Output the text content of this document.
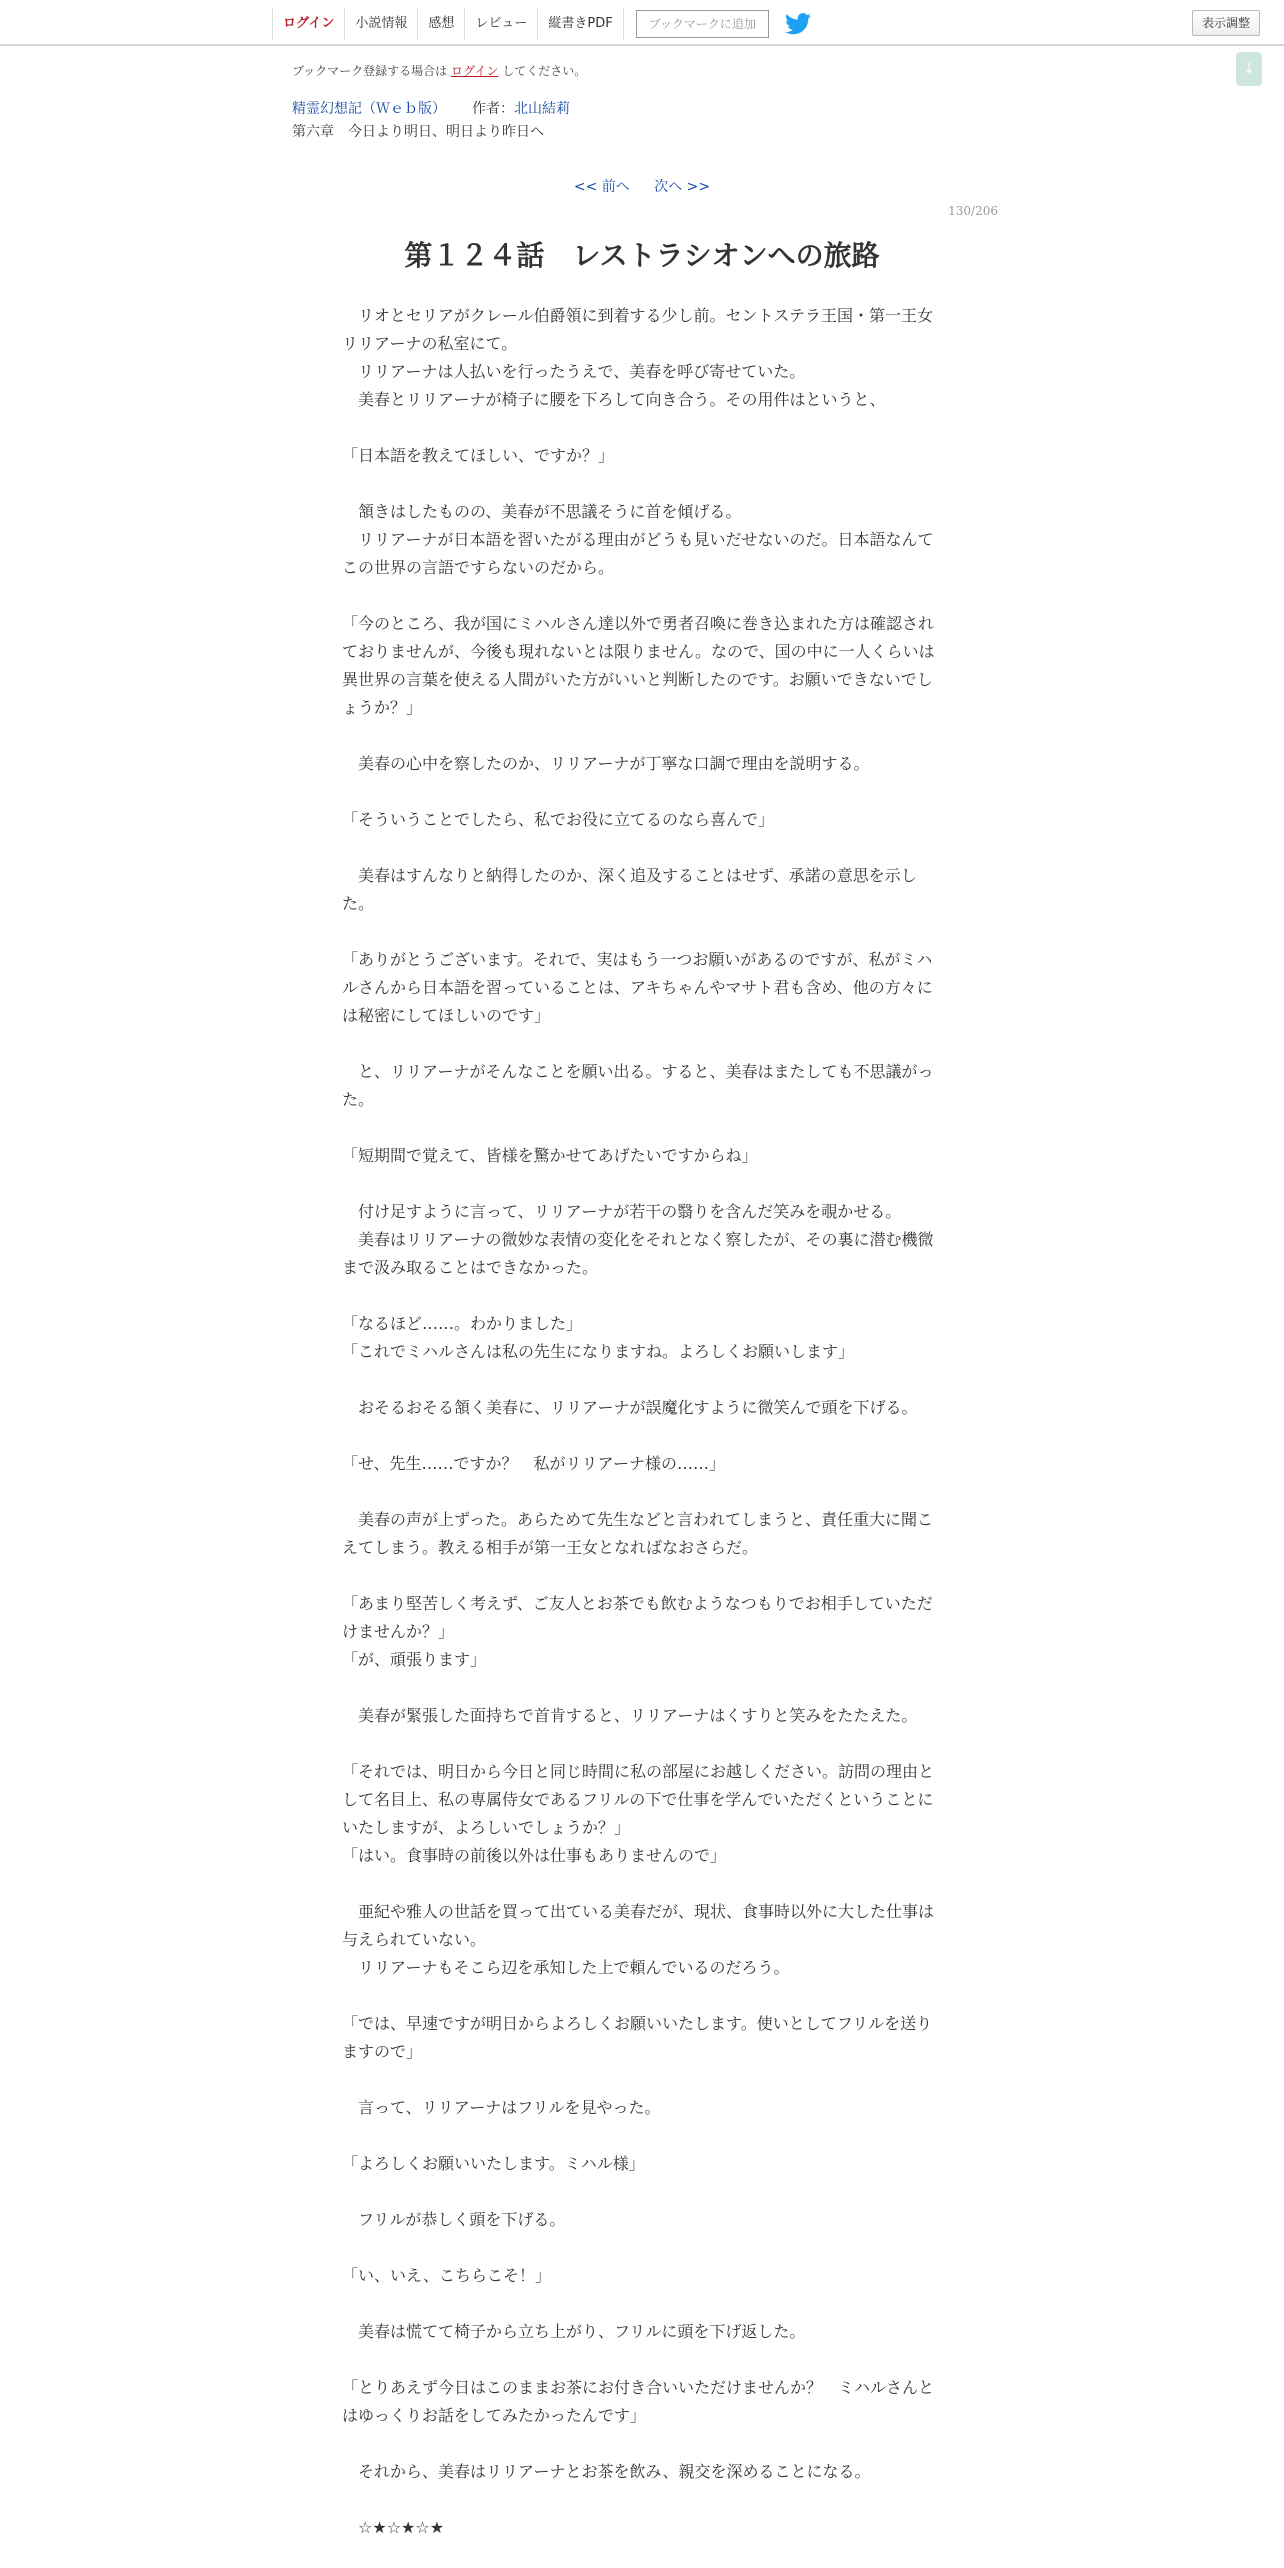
ログイン	小説情報	感想	レビュー	縦書きPDF	ブックマークに追加	表示調整
↓
ブックマーク登録する場合は ログイン してください。
精霊幻想記（Ｗｅｂ版） 作者：北山結莉
第六章　今日より明日、明日より昨日へ
<< 前へ 次へ >>
130/206
第１２４話　レストラシオンへの旅路

　リオとセリアがクレール伯爵領に到着する少し前。セントステラ王国・第一王女リリアーナの私室にて。

　リリアーナは人払いを行ったうえで、美春を呼び寄せていた。

　美春とリリアーナが椅子に腰を下ろして向き合う。その用件はというと、

「日本語を教えてほしい、ですか？」

　頷きはしたものの、美春が不思議そうに首を傾げる。

　リリアーナが日本語を習いたがる理由がどうも見いだせないのだ。日本語なんてこの世界の言語ですらないのだから。

「今のところ、我が国にミハルさん達以外で勇者召喚に巻き込まれた方は確認されておりませんが、今後も現れないとは限りません。なので、国の中に一人くらいは異世界の言葉を使える人間がいた方がいいと判断したのです。お願いできないでしょうか？」

　美春の心中を察したのか、リリアーナが丁寧な口調で理由を説明する。

「そういうことでしたら、私でお役に立てるのなら喜んで」

　美春はすんなりと納得したのか、深く追及することはせず、承諾の意思を示した。

「ありがとうございます。それで、実はもう一つお願いがあるのですが、私がミハルさんから日本語を習っていることは、アキちゃんやマサト君も含め、他の方々には秘密にしてほしいのです」

　と、リリアーナがそんなことを願い出る。すると、美春はまたしても不思議がった。

「短期間で覚えて、皆様を驚かせてあげたいですからね」

　付け足すように言って、リリアーナが若干の翳りを含んだ笑みを覗かせる。

　美春はリリアーナの微妙な表情の変化をそれとなく察したが、その裏に潜む機微まで汲み取ることはできなかった。

「なるほど……。わかりました」

「これでミハルさんは私の先生になりますね。よろしくお願いします」

　おそるおそる頷く美春に、リリアーナが誤魔化すように微笑んで頭を下げる。

「せ、先生……ですか？　私がリリアーナ様の……」

　美春の声が上ずった。あらためて先生などと言われてしまうと、責任重大に聞こえてしまう。教える相手が第一王女となればなおさらだ。

「あまり堅苦しく考えず、ご友人とお茶でも飲むようなつもりでお相手していただけませんか？」

「が、頑張ります」

　美春が緊張した面持ちで首肯すると、リリアーナはくすりと笑みをたたえた。

「それでは、明日から今日と同じ時間に私の部屋にお越しください。訪問の理由として名目上、私の専属侍女であるフリルの下で仕事を学んでいただくということにいたしますが、よろしいでしょうか？」

「はい。食事時の前後以外は仕事もありませんので」

　亜紀や雅人の世話を買って出ている美春だが、現状、食事時以外に大した仕事は与えられていない。

　リリアーナもそこら辺を承知した上で頼んでいるのだろう。

「では、早速ですが明日からよろしくお願いいたします。使いとしてフリルを送りますので」

　言って、リリアーナはフリルを見やった。

「よろしくお願いいたします。ミハル様」

　フリルが恭しく頭を下げる。

「い、いえ、こちらこそ！」

　美春は慌てて椅子から立ち上がり、フリルに頭を下げ返した。

「とりあえず今日はこのままお茶にお付き合いいただけませんか？　ミハルさんとはゆっくりお話をしてみたかったんです」

　それから、美春はリリアーナとお茶を飲み、親交を深めることになる。

　☆★☆★☆★
